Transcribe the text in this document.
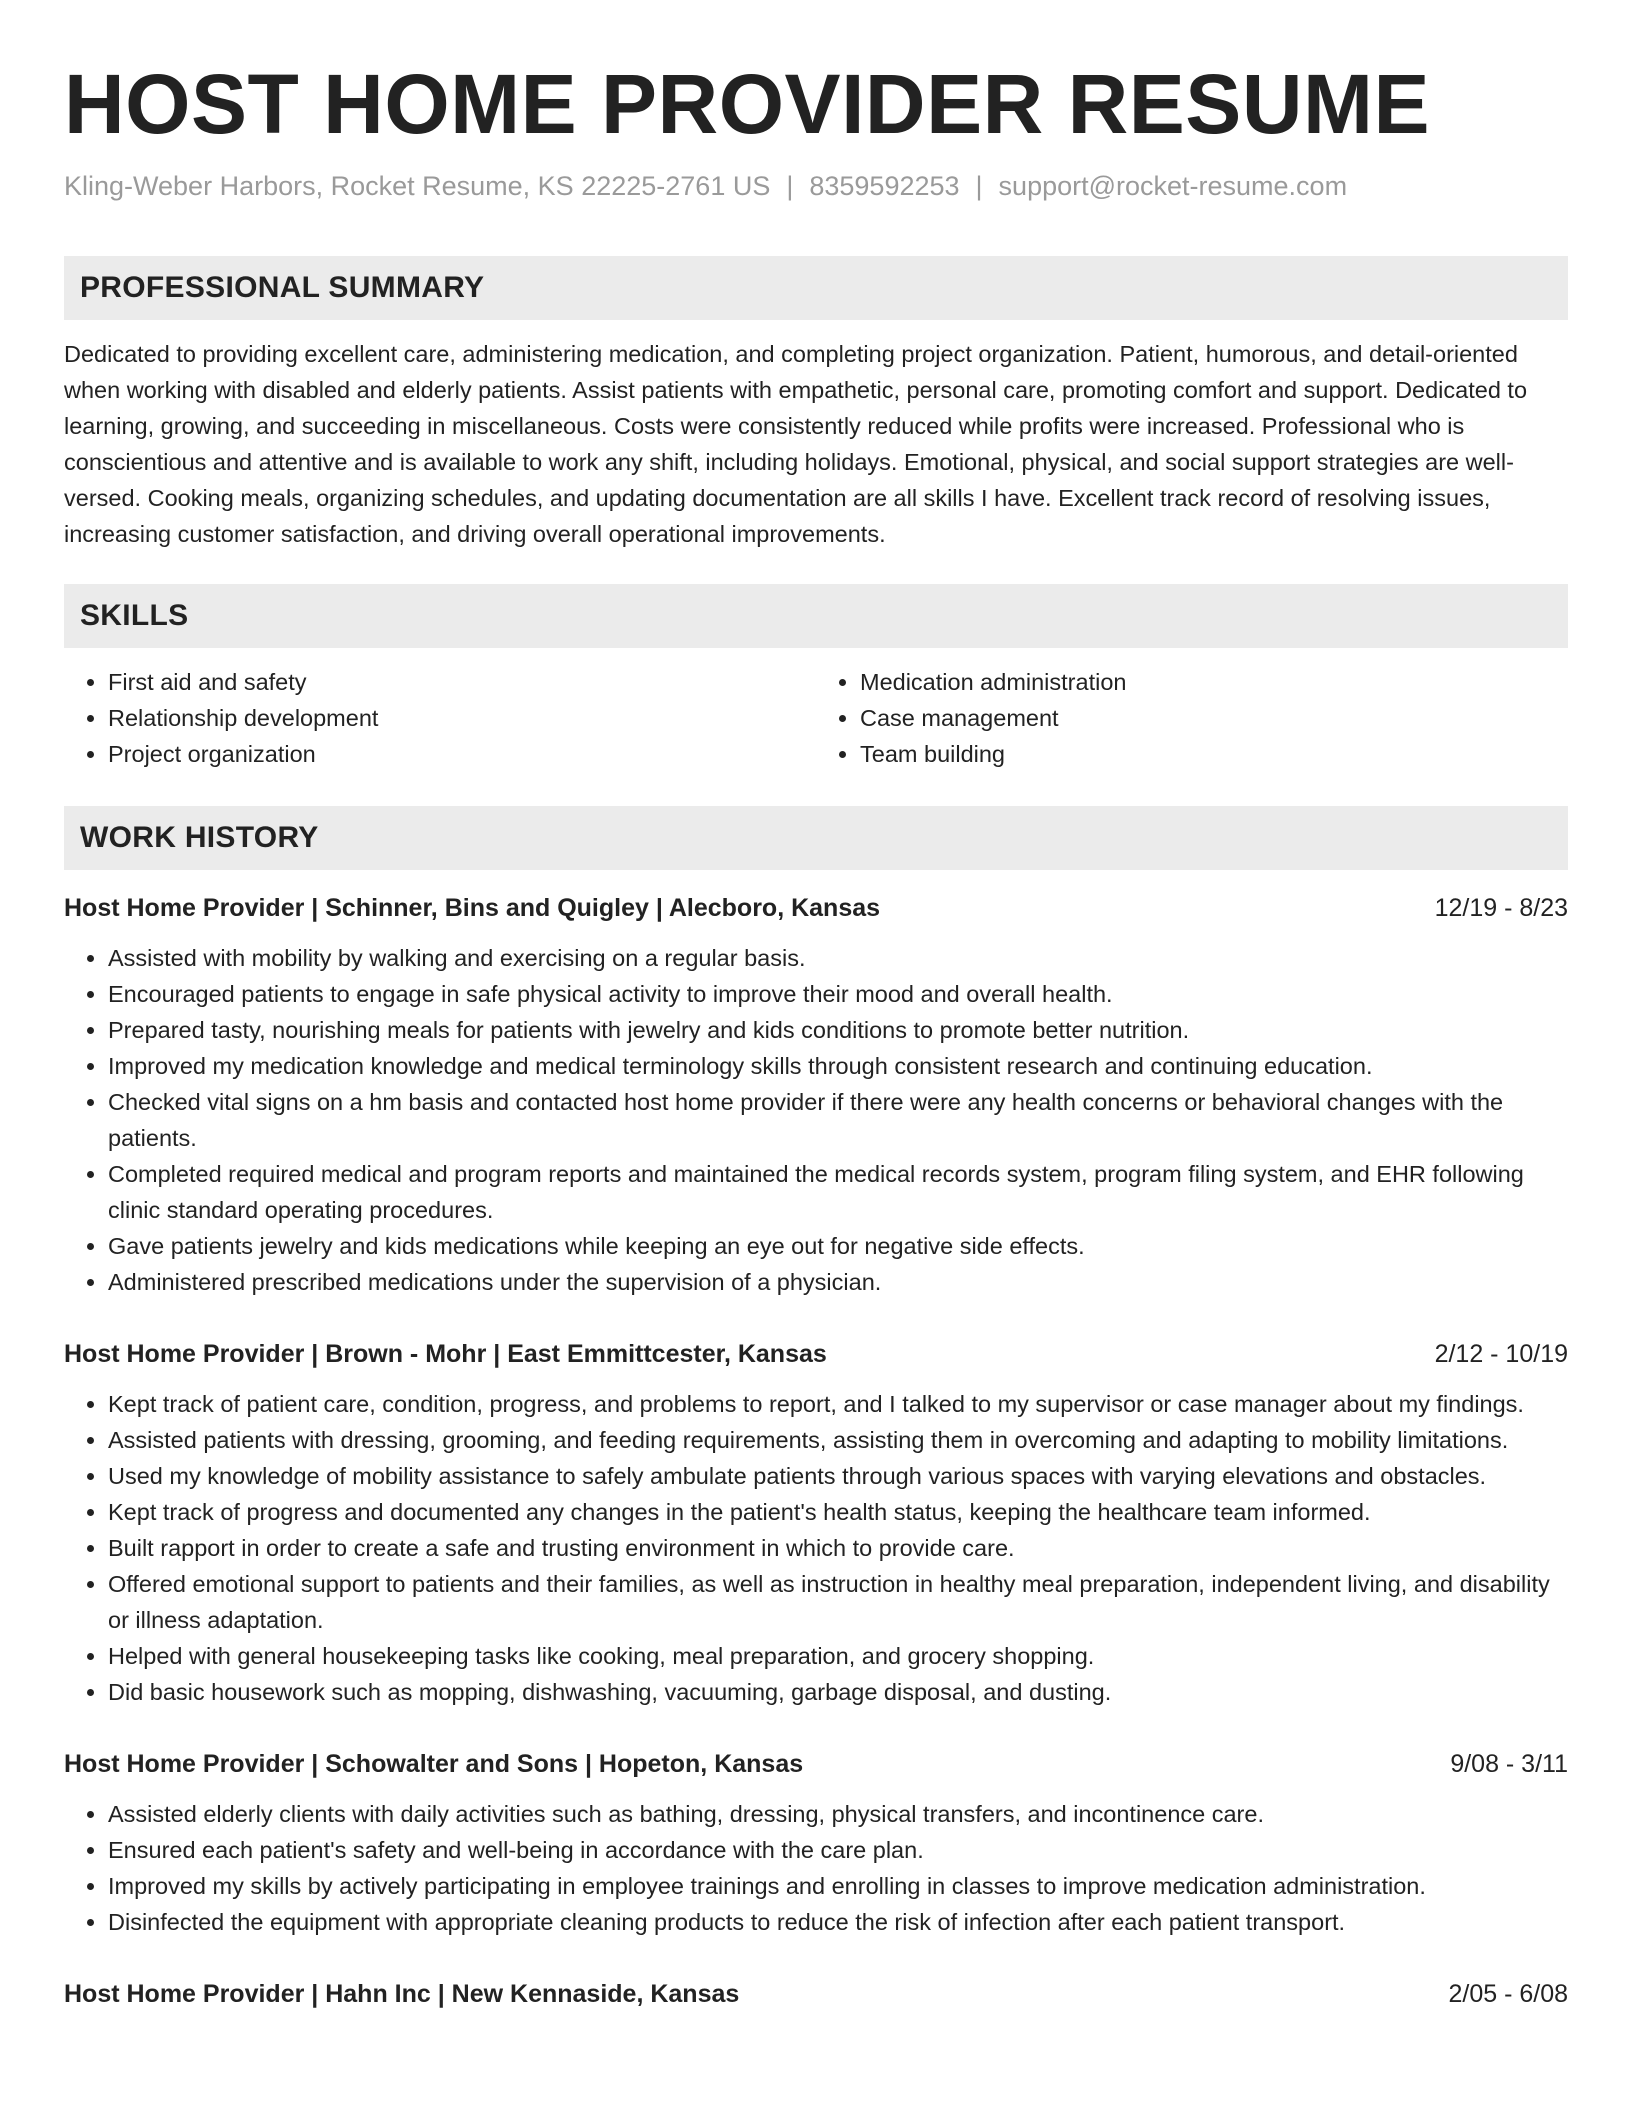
HOST HOME PROVIDER RESUME
Kling-Weber Harbors, Rocket Resume, KS 22225-2761 US | 8359592253 | support@rocket-resume.com
PROFESSIONAL SUMMARY

Dedicated to providing excellent care, administering medication, and completing project organization. Patient, humorous, and detail-oriented when working with disabled and elderly patients. Assist patients with empathetic, personal care, promoting comfort and support. Dedicated to learning, growing, and succeeding in miscellaneous. Costs were consistently reduced while profits were increased. Professional who is conscientious and attentive and is available to work any shift, including holidays. Emotional, physical, and social support strategies are well-versed. Cooking meals, organizing schedules, and updating documentation are all skills I have. Excellent track record of resolving issues, increasing customer satisfaction, and driving overall operational improvements.

SKILLS
• First aid and safety
• Relationship development
• Project organization
• Medication administration
• Case management
• Team building
WORK HISTORY
Host Home Provider | Schinner, Bins and Quigley | Alecboro, Kansas	12/19 - 8/23
• Assisted with mobility by walking and exercising on a regular basis.
• Encouraged patients to engage in safe physical activity to improve their mood and overall health.
• Prepared tasty, nourishing meals for patients with jewelry and kids conditions to promote better nutrition.
• Improved my medication knowledge and medical terminology skills through consistent research and continuing education.
• Checked vital signs on a hm basis and contacted host home provider if there were any health concerns or behavioral changes with the patients.
• Completed required medical and program reports and maintained the medical records system, program filing system, and EHR following clinic standard operating procedures.
• Gave patients jewelry and kids medications while keeping an eye out for negative side effects.
• Administered prescribed medications under the supervision of a physician.
Host Home Provider | Brown - Mohr | East Emmittcester, Kansas	2/12 - 10/19
• Kept track of patient care, condition, progress, and problems to report, and I talked to my supervisor or case manager about my findings.
• Assisted patients with dressing, grooming, and feeding requirements, assisting them in overcoming and adapting to mobility limitations.
• Used my knowledge of mobility assistance to safely ambulate patients through various spaces with varying elevations and obstacles.
• Kept track of progress and documented any changes in the patient's health status, keeping the healthcare team informed.
• Built rapport in order to create a safe and trusting environment in which to provide care.
• Offered emotional support to patients and their families, as well as instruction in healthy meal preparation, independent living, and disability or illness adaptation.
• Helped with general housekeeping tasks like cooking, meal preparation, and grocery shopping.
• Did basic housework such as mopping, dishwashing, vacuuming, garbage disposal, and dusting.
Host Home Provider | Schowalter and Sons | Hopeton, Kansas	9/08 - 3/11
• Assisted elderly clients with daily activities such as bathing, dressing, physical transfers, and incontinence care.
• Ensured each patient's safety and well-being in accordance with the care plan.
• Improved my skills by actively participating in employee trainings and enrolling in classes to improve medication administration.
• Disinfected the equipment with appropriate cleaning products to reduce the risk of infection after each patient transport.
Host Home Provider | Hahn Inc | New Kennaside, Kansas	2/05 - 6/08
